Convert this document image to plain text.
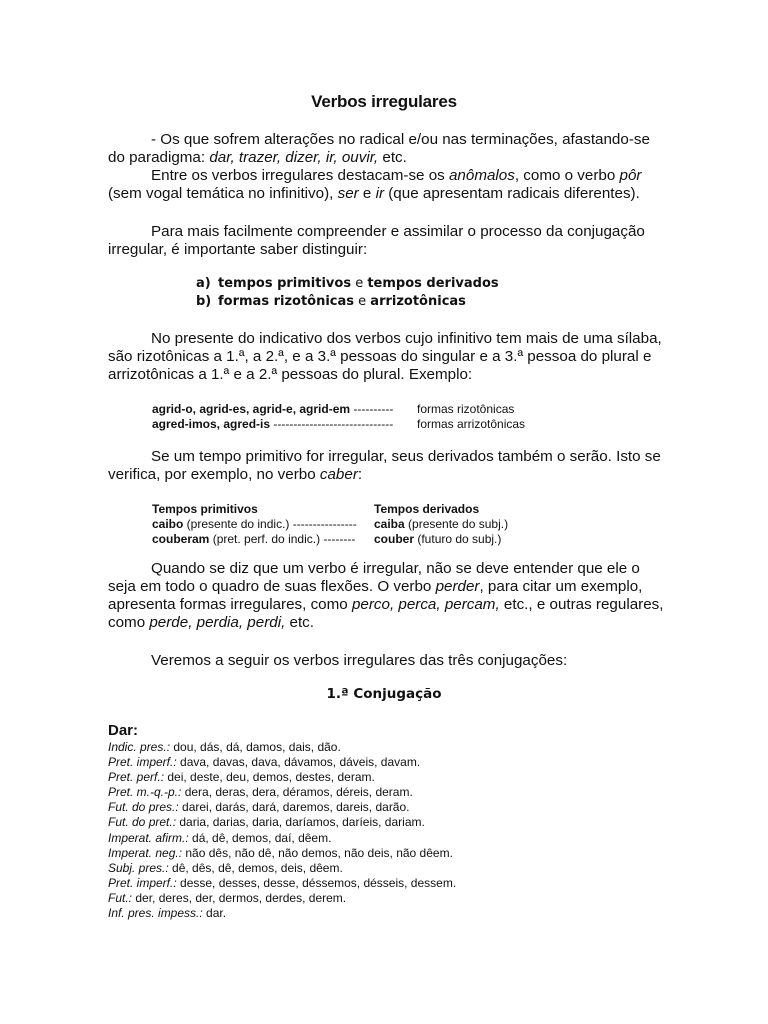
Verbos irregulares
- Os que sofrem alterações no radical e/ou nas terminações, afastando-se
do paradigma: dar, trazer, dizer, ir, ouvir, etc.
Entre os verbos irregulares destacam-se os anômalos, como o verbo pôr
(sem vogal temática no infinitivo), ser e ir (que apresentam radicais diferentes).
Para mais facilmente compreender e assimilar o processo da conjugação
irregular, é importante saber distinguir:
a) tempos primitivos e tempos derivados
b) formas rizotônicas e arrizotônicas
No presente do indicativo dos verbos cujo infinitivo tem mais de uma sílaba,
são rizotônicas a 1.ª, a 2.ª, e a 3.ª pessoas do singular e a 3.ª pessoa do plural e
arrizotônicas a 1.ª e a 2.ª pessoas do plural. Exemplo:
agrid-o, agrid-es, agrid-e, agrid-em ---------- formas rizotônicas
agred-imos, agred-is ------------------------------ formas arrizotônicas
Se um tempo primitivo for irregular, seus derivados também o serão. Isto se
verifica, por exemplo, no verbo caber:
Tempos primitivos	Tempos derivados
caibo (presente do indic.) ---------------- caiba (presente do subj.)
couberam (pret. perf. do indic.) -------- couber (futuro do subj.)
Quando se diz que um verbo é irregular, não se deve entender que ele o
seja em todo o quadro de suas flexões. O verbo perder, para citar um exemplo,
apresenta formas irregulares, como perco, perca, percam, etc., e outras regulares,
como perde, perdia, perdi, etc.
Veremos a seguir os verbos irregulares das três conjugações:
1.ª Conjugação
Dar:
Indic. pres.: dou, dás, dá, damos, dais, dão.
Pret. imperf.: dava, davas, dava, dávamos, dáveis, davam.
Pret. perf.: dei, deste, deu, demos, destes, deram.
Pret. m.-q.-p.: dera, deras, dera, déramos, déreis, deram.
Fut. do pres.: darei, darás, dará, daremos, dareis, darão.
Fut. do pret.: daria, darias, daria, daríamos, daríeis, dariam.
Imperat. afirm.: dá, dê, demos, daí, dêem.
Imperat. neg.: não dês, não dê, não demos, não deis, não dêem.
Subj. pres.: dê, dês, dê, demos, deis, dêem.
Pret. imperf.: desse, desses, desse, déssemos, désseis, dessem.
Fut.: der, deres, der, dermos, derdes, derem.
Inf. pres. impess.: dar.
